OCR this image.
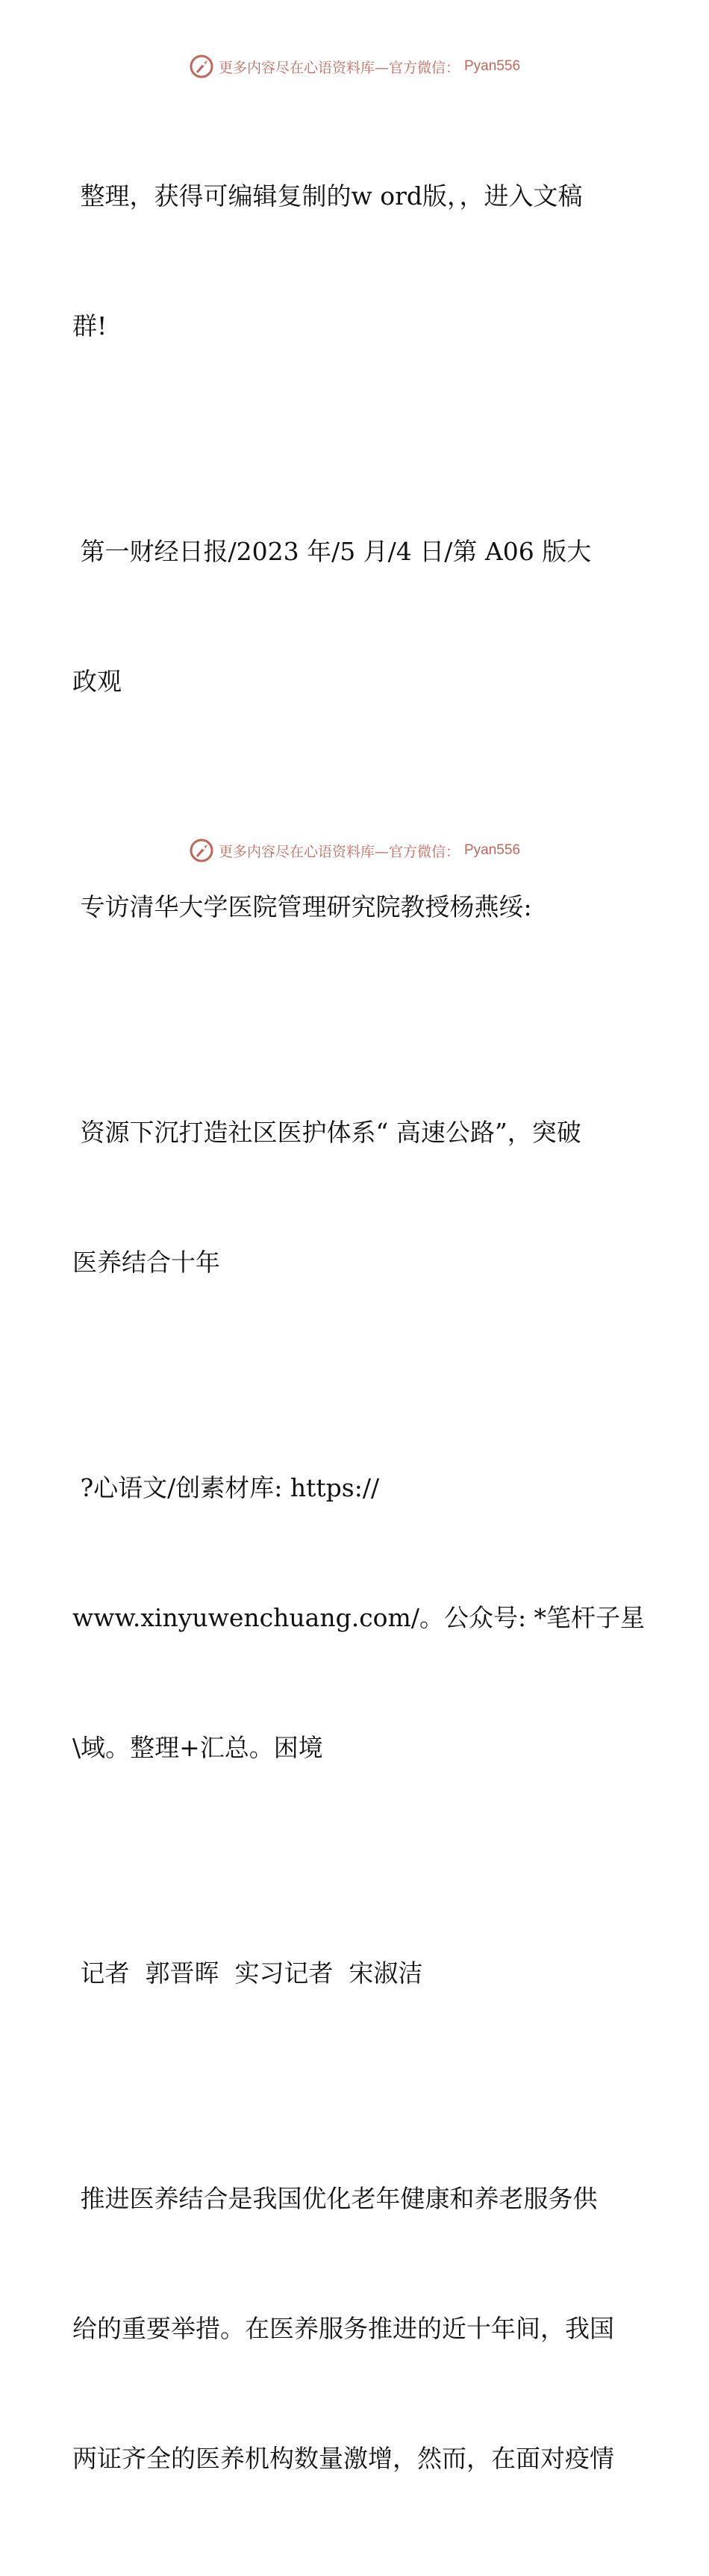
更多内容尽在心语资料库—官方微信： Pyan556

整理，获得可编辑复制的w ord版，，进入文稿

群!

第一财经日报/2023 年/5 月/4 日/第 A06 版大

政观

专访清华大学医院管理研究院教授杨燕绥:

资源下沉打造社区医护体系“ 高速公路”，突破

医养结合十年

?心语文/创素材库: https://

www.xinyuwenchuang.com/。公众号: *笔杆子星

\域。整理+汇总。困境

记者  郭晋晖  实习记者  宋淑洁

推进医养结合是我国优化老年健康和养老服务供

给的重要举措。在医养服务推进的近十年间，我国

两证齐全的医养机构数量激增，然而，在面对疫情

更多内容尽在心语资料库—官方微信： Pyan556
